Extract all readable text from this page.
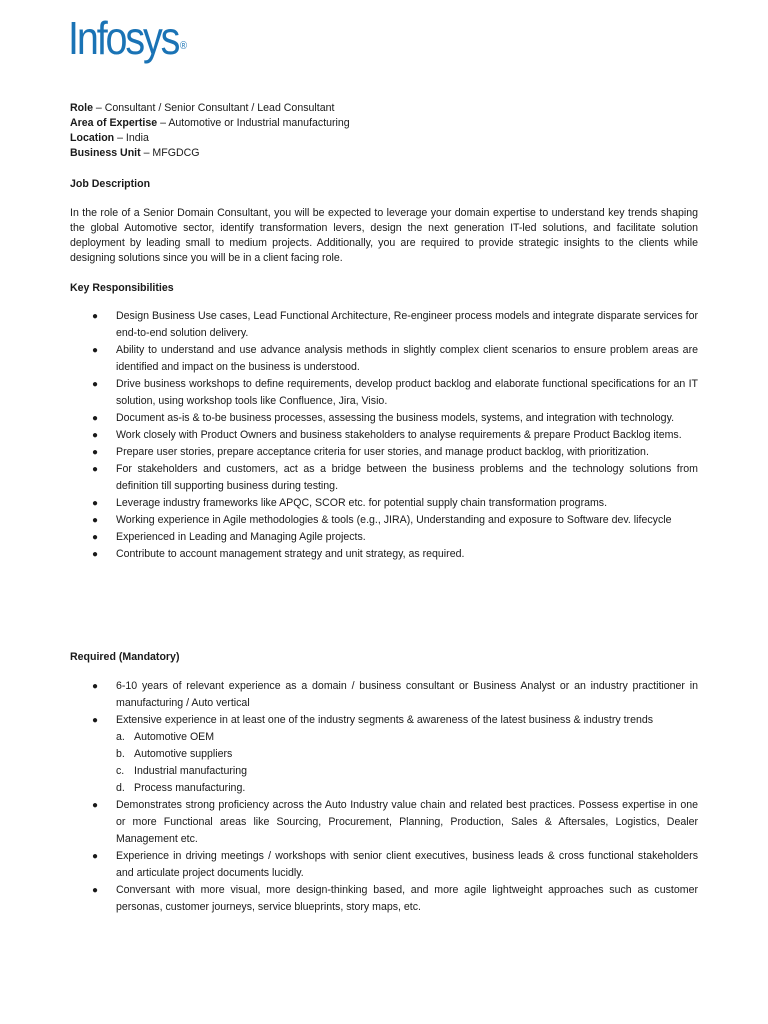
Infosys ®
Role – Consultant / Senior Consultant / Lead Consultant
Area of Expertise – Automotive or Industrial manufacturing
Location – India
Business Unit – MFGDCG
Job Description
In the role of a Senior Domain Consultant, you will be expected to leverage your domain expertise to understand key trends shaping the global Automotive sector, identify transformation levers, design the next generation IT-led solutions, and facilitate solution deployment by leading small to medium projects. Additionally, you are required to provide strategic insights to the clients while designing solutions since you will be in a client facing role.
Key Responsibilities
● Design Business Use cases, Lead Functional Architecture, Re-engineer process models and integrate disparate services for end-to-end solution delivery.
● Ability to understand and use advance analysis methods in slightly complex client scenarios to ensure problem areas are identified and impact on the business is understood.
● Drive business workshops to define requirements, develop product backlog and elaborate functional specifications for an IT solution, using workshop tools like Confluence, Jira, Visio.
● Document as-is & to-be business processes, assessing the business models, systems, and integration with technology.
● Work closely with Product Owners and business stakeholders to analyse requirements & prepare Product Backlog items.
● Prepare user stories, prepare acceptance criteria for user stories, and manage product backlog, with prioritization.
● For stakeholders and customers, act as a bridge between the business problems and the technology solutions from definition till supporting business during testing.
● Leverage industry frameworks like APQC, SCOR etc. for potential supply chain transformation programs.
● Working experience in Agile methodologies & tools (e.g., JIRA), Understanding and exposure to Software dev. lifecycle
● Experienced in Leading and Managing Agile projects.
● Contribute to account management strategy and unit strategy, as required.
Required (Mandatory)
● 6-10 years of relevant experience as a domain / business consultant or Business Analyst or an industry practitioner in manufacturing / Auto vertical
● Extensive experience in at least one of the industry segments & awareness of the latest business & industry trends
a. Automotive OEM
b. Automotive suppliers
c. Industrial manufacturing
d. Process manufacturing.
● Demonstrates strong proficiency across the Auto Industry value chain and related best practices. Possess expertise in one or more Functional areas like Sourcing, Procurement, Planning, Production, Sales & Aftersales, Logistics, Dealer Management etc.
● Experience in driving meetings / workshops with senior client executives, business leads & cross functional stakeholders and articulate project documents lucidly.
● Conversant with more visual, more design-thinking based, and more agile lightweight approaches such as customer personas, customer journeys, service blueprints, story maps, etc.
